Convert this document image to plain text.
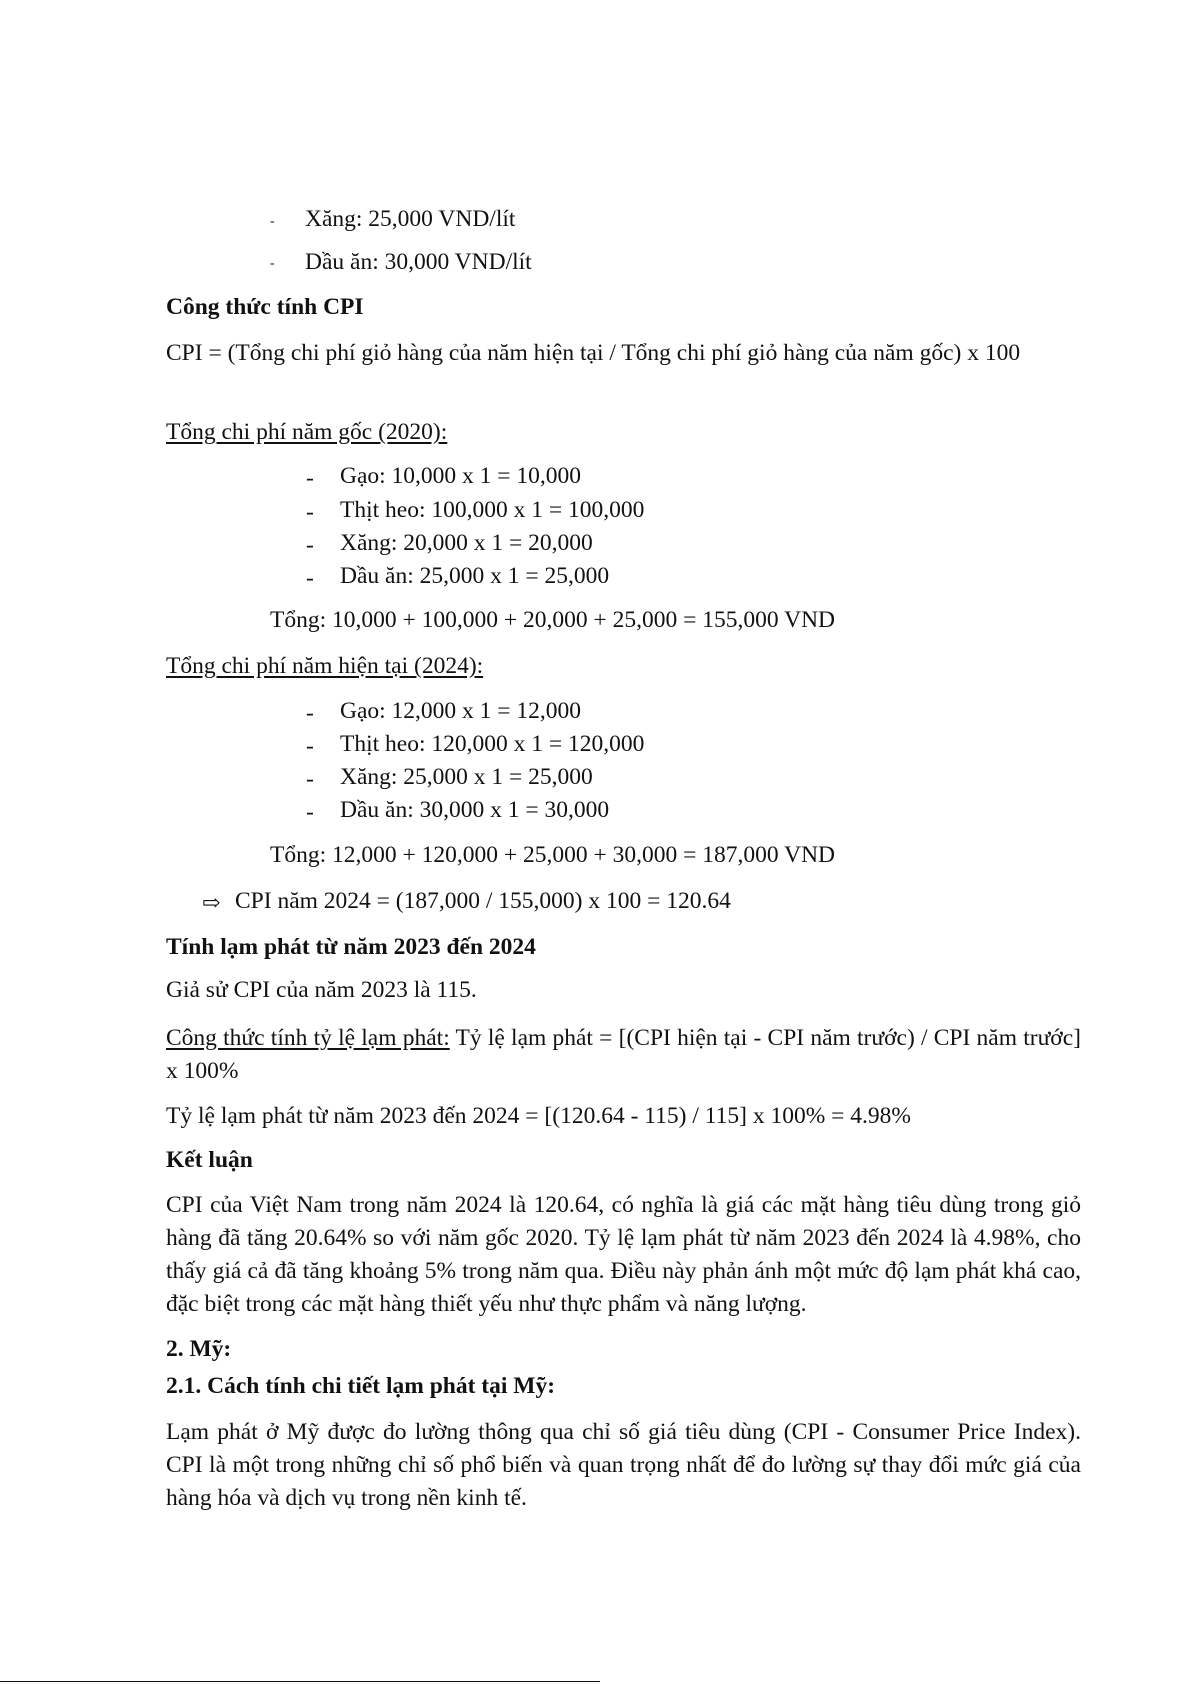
- Xăng: 25,000 VND/lít
- Dầu ăn: 30,000 VND/lít
Công thức tính CPI
CPI = (Tổng chi phí giỏ hàng của năm hiện tại / Tổng chi phí giỏ hàng của năm gốc) x 100
Tổng chi phí năm gốc (2020):
- Gạo: 10,000 x 1 = 10,000
- Thịt heo: 100,000 x 1 = 100,000
- Xăng: 20,000 x 1 = 20,000
- Dầu ăn: 25,000 x 1 = 25,000
Tổng: 10,000 + 100,000 + 20,000 + 25,000 = 155,000 VND
Tổng chi phí năm hiện tại (2024):
- Gạo: 12,000 x 1 = 12,000
- Thịt heo: 120,000 x 1 = 120,000
- Xăng: 25,000 x 1 = 25,000
- Dầu ăn: 30,000 x 1 = 30,000
Tổng: 12,000 + 120,000 + 25,000 + 30,000 = 187,000 VND
⇨ CPI năm 2024 = (187,000 / 155,000) x 100 = 120.64
Tính lạm phát từ năm 2023 đến 2024
Giả sử CPI của năm 2023 là 115.
Công thức tính tỷ lệ lạm phát: Tỷ lệ lạm phát = [(CPI hiện tại - CPI năm trước) / CPI năm trước] x 100%
Tỷ lệ lạm phát từ năm 2023 đến 2024 = [(120.64 - 115) / 115] x 100% = 4.98%
Kết luận
CPI của Việt Nam trong năm 2024 là 120.64, có nghĩa là giá các mặt hàng tiêu dùng trong giỏ hàng đã tăng 20.64% so với năm gốc 2020. Tỷ lệ lạm phát từ năm 2023 đến 2024 là 4.98%, cho thấy giá cả đã tăng khoảng 5% trong năm qua. Điều này phản ánh một mức độ lạm phát khá cao, đặc biệt trong các mặt hàng thiết yếu như thực phẩm và năng lượng.
2. Mỹ:
2.1. Cách tính chi tiết lạm phát tại Mỹ:
Lạm phát ở Mỹ được đo lường thông qua chỉ số giá tiêu dùng (CPI - Consumer Price Index). CPI là một trong những chỉ số phổ biến và quan trọng nhất để đo lường sự thay đổi mức giá của hàng hóa và dịch vụ trong nền kinh tế.
